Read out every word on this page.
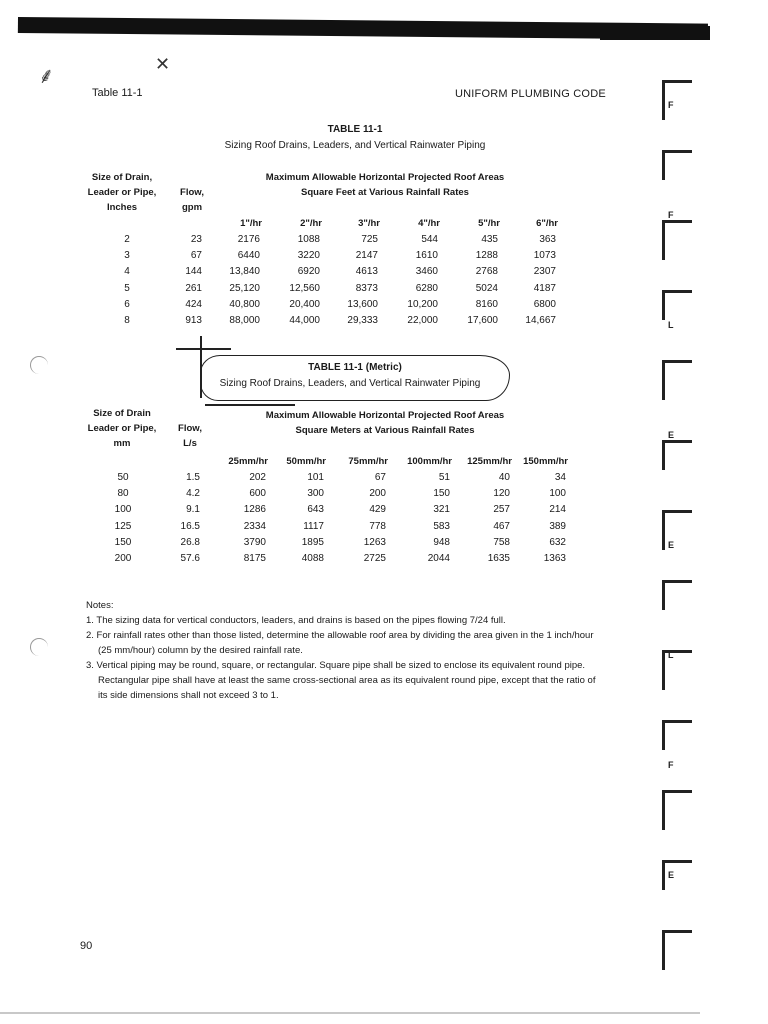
⸙	✕
Table 11-1	UNIFORM PLUMBING CODE
TABLE 11-1
Sizing Roof Drains, Leaders, and Vertical Rainwater Piping
Size of Drain,
Leader or Pipe,
Inches
Flow,
gpm
Maximum Allowable Horizontal Projected Roof Areas
Square Feet at Various Rainfall Rates
1"/hr	2"/hr	3"/hr	4"/hr	5"/hr	6"/hr
2	23	2176	1088	725	544	435	363
3	67	6440	3220	2147	1610	1288	1073
4	144	13,840	6920	4613	3460	2768	2307
5	261	25,120	12,560	8373	6280	5024	4187
6	424	40,800	20,400	13,600	10,200	8160	6800
8	913	88,000	44,000	29,333	22,000	17,600	14,667
TABLE 11-1 (Metric)
Sizing Roof Drains, Leaders, and Vertical Rainwater Piping
Size of Drain
Leader or Pipe,
mm
Flow,
L/s
Maximum Allowable Horizontal Projected Roof Areas
Square Meters at Various Rainfall Rates
25mm/hr	50mm/hr	75mm/hr	100mm/hr	125mm/hr	150mm/hr
50	1.5	202	101	67	51	40	34
80	4.2	600	300	200	150	120	100
100	9.1	1286	643	429	321	257	214
125	16.5	2334	1117	778	583	467	389
150	26.8	3790	1895	1263	948	758	632
200	57.6	8175	4088	2725	2044	1635	1363
Notes:
1. The sizing data for vertical conductors, leaders, and drains is based on the pipes flowing 7/24 full.
2. For rainfall rates other than those listed, determine the allowable roof area by dividing the area given in the 1 inch/hour (25 mm/hour) column by the desired rainfall rate.
3. Vertical piping may be round, square, or rectangular. Square pipe shall be sized to enclose its equivalent round pipe. Rectangular pipe shall have at least the same cross-sectional area as its equivalent round pipe, except that the ratio of its side dimensions shall not exceed 3 to 1.
90
F
F
L
E
E
L
F
E
